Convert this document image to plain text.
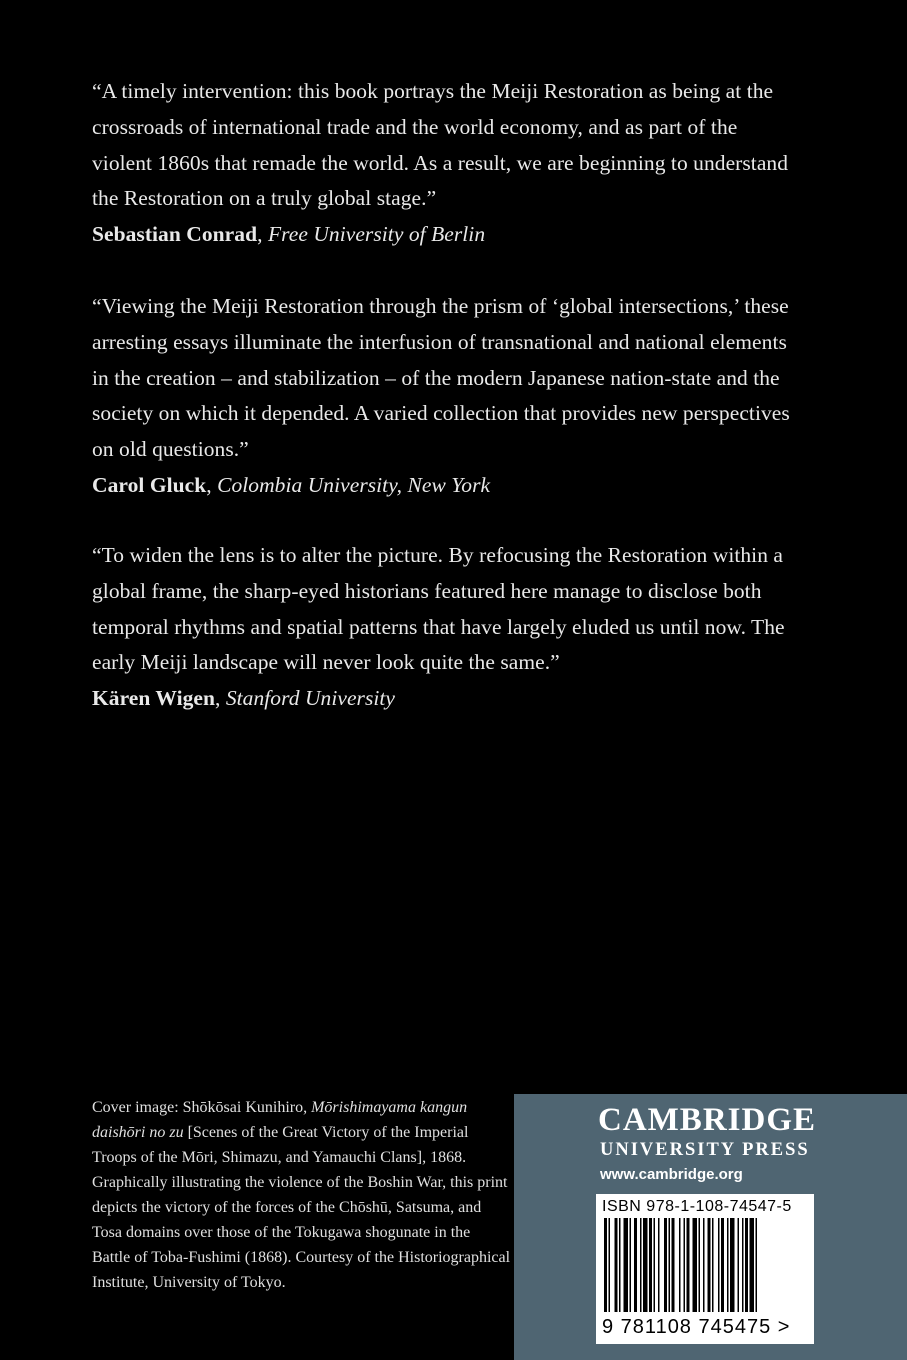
“A timely intervention: this book portrays the Meiji Restoration as being at the crossroads of international trade and the world economy, and as part of the violent 1860s that remade the world. As a result, we are beginning to understand the Restoration on a truly global stage.”

Sebastian Conrad, Free University of Berlin

“Viewing the Meiji Restoration through the prism of ‘global intersections,’ these arresting essays illuminate the interfusion of transnational and national elements in the creation – and stabilization – of the modern Japanese nation-state and the society on which it depended. A varied collection that provides new perspectives on old questions.”

Carol Gluck, Colombia University, New York

“To widen the lens is to alter the picture. By refocusing the Restoration within a global frame, the sharp-eyed historians featured here manage to disclose both temporal rhythms and spatial patterns that have largely eluded us until now. The early Meiji landscape will never look quite the same.”

Kären Wigen, Stanford University

Cover image: Shōkōsai Kunihiro, Mōrishimayama kangun daishōri no zu [Scenes of the Great Victory of the Imperial Troops of the Mōri, Shimazu, and Yamauchi Clans], 1868. Graphically illustrating the violence of the Boshin War, this print depicts the victory of the forces of the Chōshū, Satsuma, and Tosa domains over those of the Tokugawa shogunate in the Battle of Toba-Fushimi (1868). Courtesy of the Historiographical Institute, University of Tokyo.
CAMBRIDGE
UNIVERSITY PRESS
www.cambridge.org
ISBN 978-1-108-74547-5
9 781108 745475 >
